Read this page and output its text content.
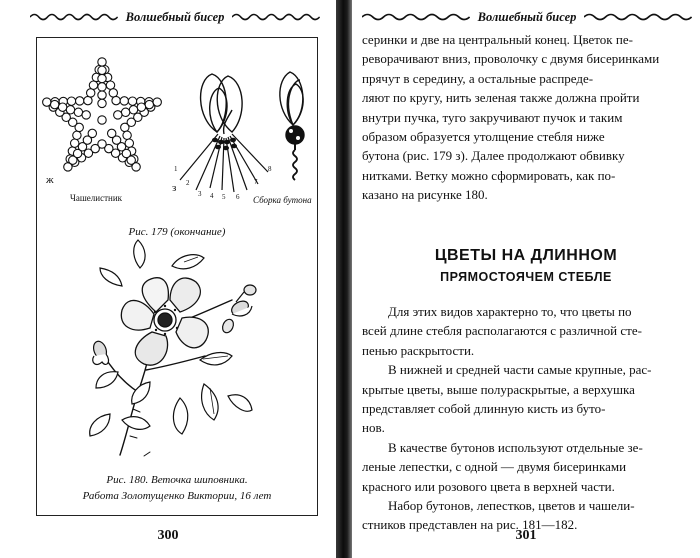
Волшебный бисер
ж
Чашелистник
з
Сборка бутона
1
2
3 4 5 6
7
8
Рис. 179 (окончание)
Рис. 180. Веточка шиповника.
Работа Золотущенко Виктории, 16 лет
300
Волшебный бисер

серинки и две на центральный конец. Цветок пе-

реворачивают вниз, проволочку с двумя бисеринками

прячут в середину, а остальные распреде-

ляют по кругу, нить зеленая также должна пройти

внутри пучка, туго закручивают пучок и таким

образом образуется утолщение стебля ниже

бутона (рис. 179 з). Далее продолжают обвивку

нитками. Ветку можно сформировать, как по-

казано на рисунке 180.

ЦВЕТЫ НА ДЛИННОМ
ПРЯМОСТОЯЧЕМ СТЕБЛЕ

Для этих видов характерно то, что цветы по

всей длине стебля располагаются с различной сте-

пенью раскрытости.

В нижней и средней части самые крупные, рас-

крытые цветы, выше полураскрытые, а верхушка

представляет собой длинную кисть из буто-

нов.

В качестве бутонов используют отдельные зе-

леные лепестки, с одной — двумя бисеринками

красного или розового цвета в верхней части.

Набор бутонов, лепестков, цветов и чашели-

стников представлен на рис. 181—182.

301
